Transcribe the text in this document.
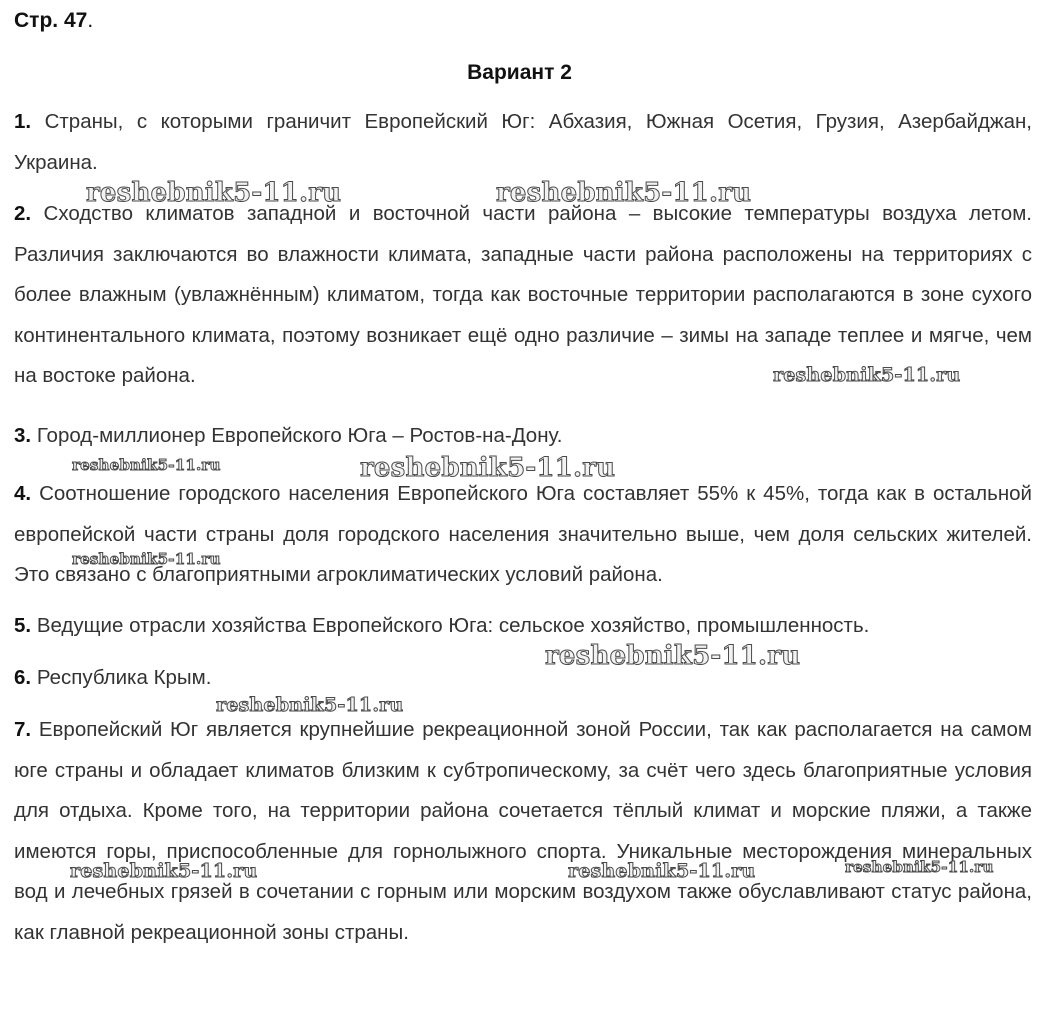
Стр. 47.
Вариант 2

1. Страны, с которыми граничит Европейский Юг: Абхазия, Южная Осетия, Грузия, Азербайджан, Украина.

2. Сходство климатов западной и восточной части района – высокие температуры воздуха летом. Различия заключаются во влажности климата, западные части района расположены на территориях с более влажным (увлажнённым) климатом, тогда как восточные территории располагаются в зоне сухого континентального климата, поэтому возникает ещё одно различие – зимы на западе теплее и мягче, чем на востоке района.

3. Город-миллионер Европейского Юга – Ростов-на-Дону.

4. Соотношение городского населения Европейского Юга составляет 55% к 45%, тогда как в остальной европейской части страны доля городского населения значительно выше, чем доля сельских жителей. Это связано с благоприятными агроклиматических условий района.

5. Ведущие отрасли хозяйства Европейского Юга: сельское хозяйство, промышленность.

6. Республика Крым.

7. Европейский Юг является крупнейшие рекреационной зоной России, так как располагается на самом юге страны и обладает климатов близким к субтропическому, за счёт чего здесь благоприятные условия для отдыха. Кроме того, на территории района сочетается тёплый климат и морские пляжи, а также имеются горы, приспособленные для горнолыжного спорта. Уникальные месторождения минеральных вод и лечебных грязей в сочетании с горным или морским воздухом также обуславливают статус района, как главной рекреационной зоны страны.

reshebnik5-11.ru	reshebnik5-11.ru
reshebnik5-11.ru
reshebnik5-11.ru	reshebnik5-11.ru
reshebnik5-11.ru
reshebnik5-11.ru
reshebnik5-11.ru
reshebnik5-11.ru	reshebnik5-11.ru	reshebnik5-11.ru
